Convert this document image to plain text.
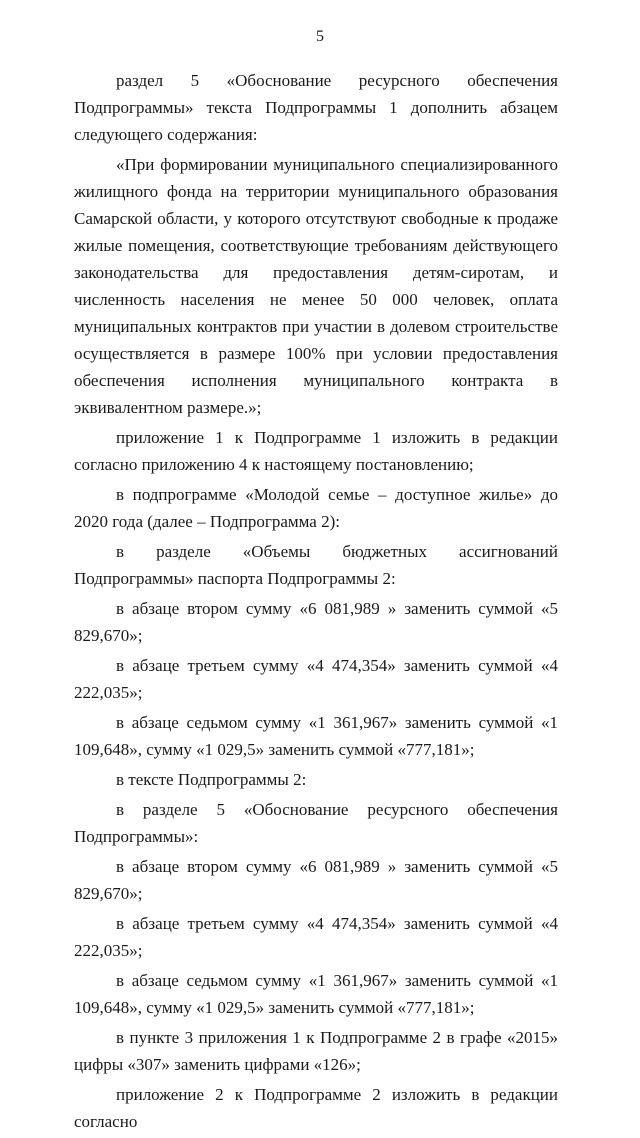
5

раздел 5 «Обоснование ресурсного обеспечения Подпрограммы» текста Подпрограммы 1 дополнить абзацем следующего содержания:

«При формировании муниципального специализированного жилищного фонда на территории муниципального образования Самарской области, у которого отсутствуют свободные к продаже жилые помещения, соответствующие требованиям действующего законодательства для предоставления детям-сиротам, и численность населения не менее 50 000 человек, оплата муниципальных контрактов при участии в долевом строительстве осуществляется в размере 100% при условии предоставления обеспечения исполнения муниципального контракта в эквивалентном размере.»;

приложение 1 к Подпрограмме 1 изложить в редакции согласно приложению 4 к настоящему постановлению;

в подпрограмме «Молодой семье – доступное жилье» до 2020 года (далее – Подпрограмма 2):

в разделе «Объемы бюджетных ассигнований Подпрограммы» паспорта Подпрограммы 2:

в абзаце втором сумму «6 081,989 » заменить суммой «5 829,670»;

в абзаце третьем сумму «4 474,354» заменить суммой «4 222,035»;

в абзаце седьмом сумму «1 361,967» заменить суммой «1 109,648», сумму «1 029,5» заменить суммой «777,181»;

в тексте Подпрограммы 2:

в разделе 5 «Обоснование ресурсного обеспечения Подпрограммы»:

в абзаце втором сумму «6 081,989 » заменить суммой «5 829,670»;

в абзаце третьем сумму «4 474,354» заменить суммой «4 222,035»;

в абзаце седьмом сумму «1 361,967» заменить суммой «1 109,648», сумму «1 029,5» заменить суммой «777,181»;

в пункте 3 приложения 1 к Подпрограмме 2 в графе «2015» цифры «307» заменить цифрами «126»;

приложение 2 к Подпрограмме 2 изложить в редакции согласно
